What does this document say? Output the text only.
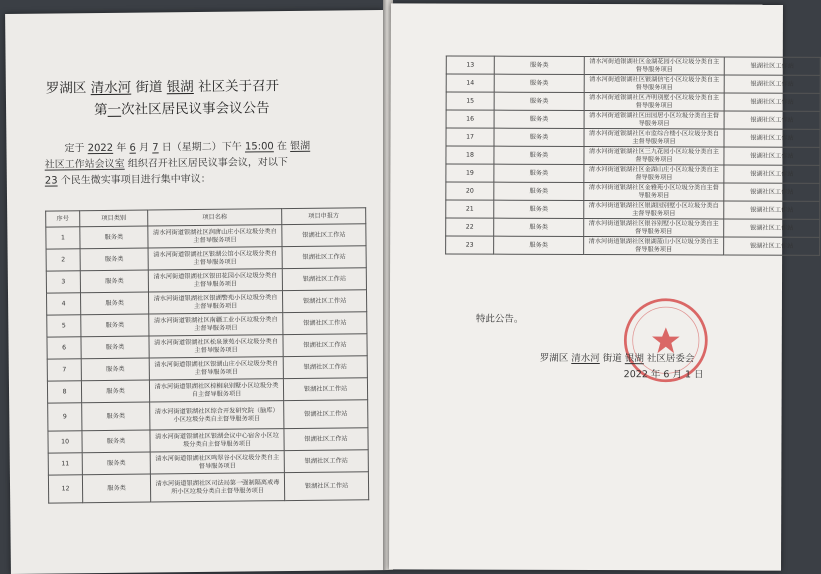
罗湖区 清水河 街道 银湖 社区关于召开
第一次社区居民议事会议公告
定于 2022 年 6 月 7 日（星期二）下午 15:00 在 银湖
社区工作站会议室 组织召开社区居民议事会议，对以下
23 个民生微实事项目进行集中审议：
序号	项目类别	项目名称	项目申报方
1	服务类	清水河街道银湖社区润唐山庄小区垃圾分类自主督导服务项目	银湖社区工作站
2	服务类	清水河街道银湖社区银湖公馆小区垃圾分类自主督导服务项目	银湖社区工作站
3	服务类	清水河街道银湖社区银田花园小区垃圾分类自主督导服务项目	银湖社区工作站
4	服务类	清水河街道银湖社区银湖警苑小区垃圾分类自主督导服务项目	银湖社区工作站
5	服务类	清水河街道银湖社区南疆工业小区垃圾分类自主督导服务项目	银湖社区工作站
6	服务类	清水河街道银湖社区松泉景苑小区垃圾分类自主督导服务项目	银湖社区工作站
7	服务类	清水河街道银湖社区银湖山庄小区垃圾分类自主督导服务项目	银湖社区工作站
8	服务类	清水河街道银湖社区棕榈泉别墅小区垃圾分类自主督导服务项目	银湖社区工作站
9	服务类	清水河街道银湖社区综合开发研究院（脑库）小区垃圾分类自主督导服务项目	银湖社区工作站
10	服务类	清水河街道银湖社区银湖会议中心宿舍小区垃圾分类自主督导服务项目	银湖社区工作站
11	服务类	清水河街道银湖社区鸣翠谷小区垃圾分类自主督导服务项目	银湖社区工作站
12	服务类	清水河街道银湖社区司法局第一强制隔离戒毒所小区垃圾分类自主督导服务项目	银湖社区工作站
13	服务类	清水河街道银湖社区金湖花园小区垃圾分类自主督导服务项目	银湖社区工作站
14	服务类	清水河街道银湖社区银湖信宅小区垃圾分类自主督导服务项目	银湖社区工作站
15	服务类	清水河街道银湖社区齐明别墅小区垃圾分类自主督导服务项目	银湖社区工作站
16	服务类	清水河街道银湖社区田园居小区垃圾分类自主督导服务项目	银湖社区工作站
17	服务类	清水河街道银湖社区市监综合楼小区垃圾分类自主督导服务项目	银湖社区工作站
18	服务类	清水河街道银湖社区三九花园小区垃圾分类自主督导服务项目	银湖社区工作站
19	服务类	清水河街道银湖社区金湖山庄小区垃圾分类自主督导服务项目	银湖社区工作站
20	服务类	清水河街道银湖社区金雅苑小区垃圾分类自主督导服务项目	银湖社区工作站
21	服务类	清水河街道银湖社区银湖园别墅小区垃圾分类自主督导服务项目	银湖社区工作站
22	服务类	清水河街道银湖社区银谷别墅小区垃圾分类自主督导服务项目	银湖社区工作站
23	服务类	清水河街道银湖社区银湖蓝山小区垃圾分类自主督导服务项目	银湖社区工作站
特此公告。
罗湖区 清水河 街道 银湖 社区居委会
2022 年 6 月 1 日
